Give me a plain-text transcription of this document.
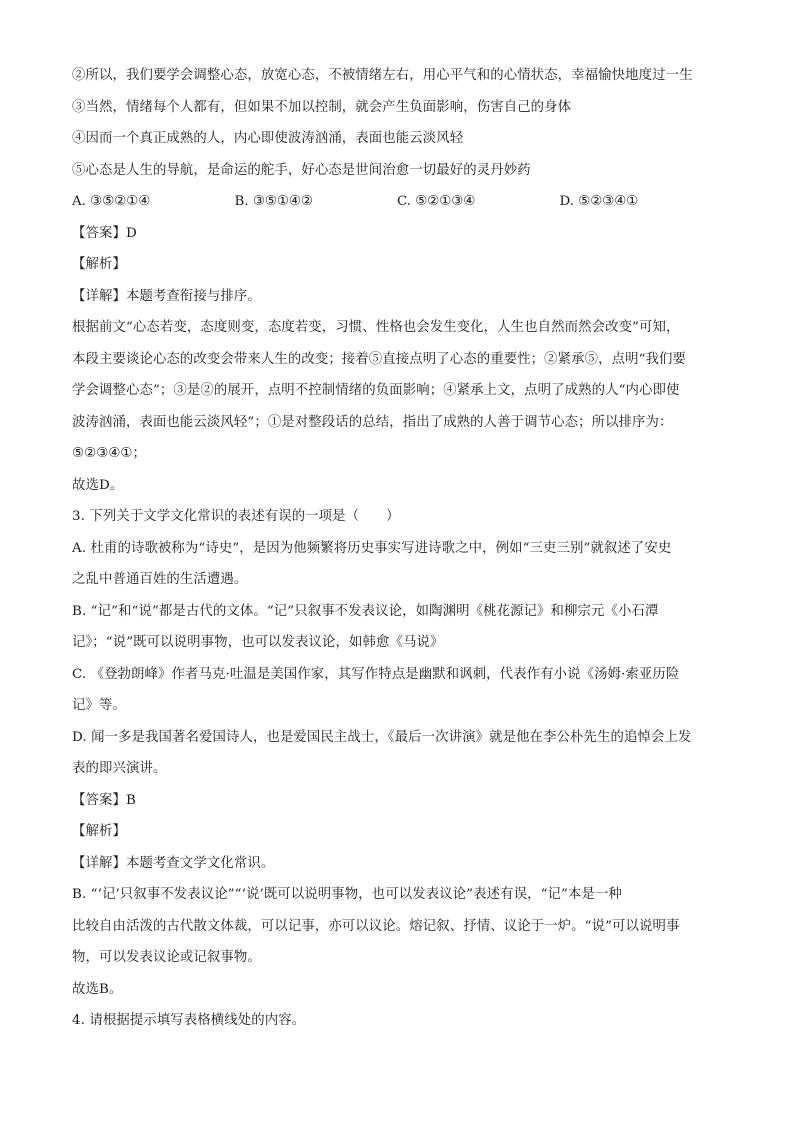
②所以，我们要学会调整心态，放宽心态，不被情绪左右，用心平气和的心情状态，幸福愉快地度过一生
③当然，情绪每个人都有，但如果不加以控制，就会产生负面影响，伤害自己的身体
④因而一个真正成熟的人，内心即使波涛汹涌，表面也能云淡风轻
⑤心态是人生的导航，是命运的舵手，好心态是世间治愈一切最好的灵丹妙药
A. ③⑤②①④	B. ③⑤①④②	C. ⑤②①③④	D. ⑤②③④①
【答案】D
【解析】
【详解】本题考查衔接与排序。
根据前文“心态若变，态度则变，态度若变，习惯、性格也会发生变化，人生也自然而然会改变”可知，
本段主要谈论心态的改变会带来人生的改变；接着⑤直接点明了心态的重要性；②紧承⑤，点明“我们要
学会调整心态”；③是②的展开，点明不控制情绪的负面影响；④紧承上文，点明了成熟的人“内心即使
波涛汹涌，表面也能云淡风轻”；①是对整段话的总结，指出了成熟的人善于调节心态；所以排序为：
⑤②③④①；
故选D。
3. 下列关于文学文化常识的表述有误的一项是（　　）
A. 杜甫的诗歌被称为“诗史”，是因为他频繁将历史事实写进诗歌之中，例如“三吏三别”就叙述了安史
之乱中普通百姓的生活遭遇。
B. “记”和“说”都是古代的文体。“记”只叙事不发表议论，如陶渊明《桃花源记》和柳宗元《小石潭
记》；“说”既可以说明事物，也可以发表议论，如韩愈《马说》
C. 《登勃朗峰》作者马克·吐温是美国作家，其写作特点是幽默和讽刺，代表作有小说《汤姆·索亚历险
记》等。
D. 闻一多是我国著名爱国诗人，也是爱国民主战士，《最后一次讲演》就是他在李公朴先生的追悼会上发
表的即兴演讲。
【答案】B
【解析】
【详解】本题考查文学文化常识。
B. “‘记’只叙事不发表议论”“‘说’既可以说明事物，也可以发表议论”表述有误，“记”本是一种
比较自由活泼的古代散文体裁，可以记事，亦可以议论。熔记叙、抒情、议论于一炉。“说”可以说明事
物，可以发表议论或记叙事物。
故选B。
4. 请根据提示填写表格横线处的内容。
